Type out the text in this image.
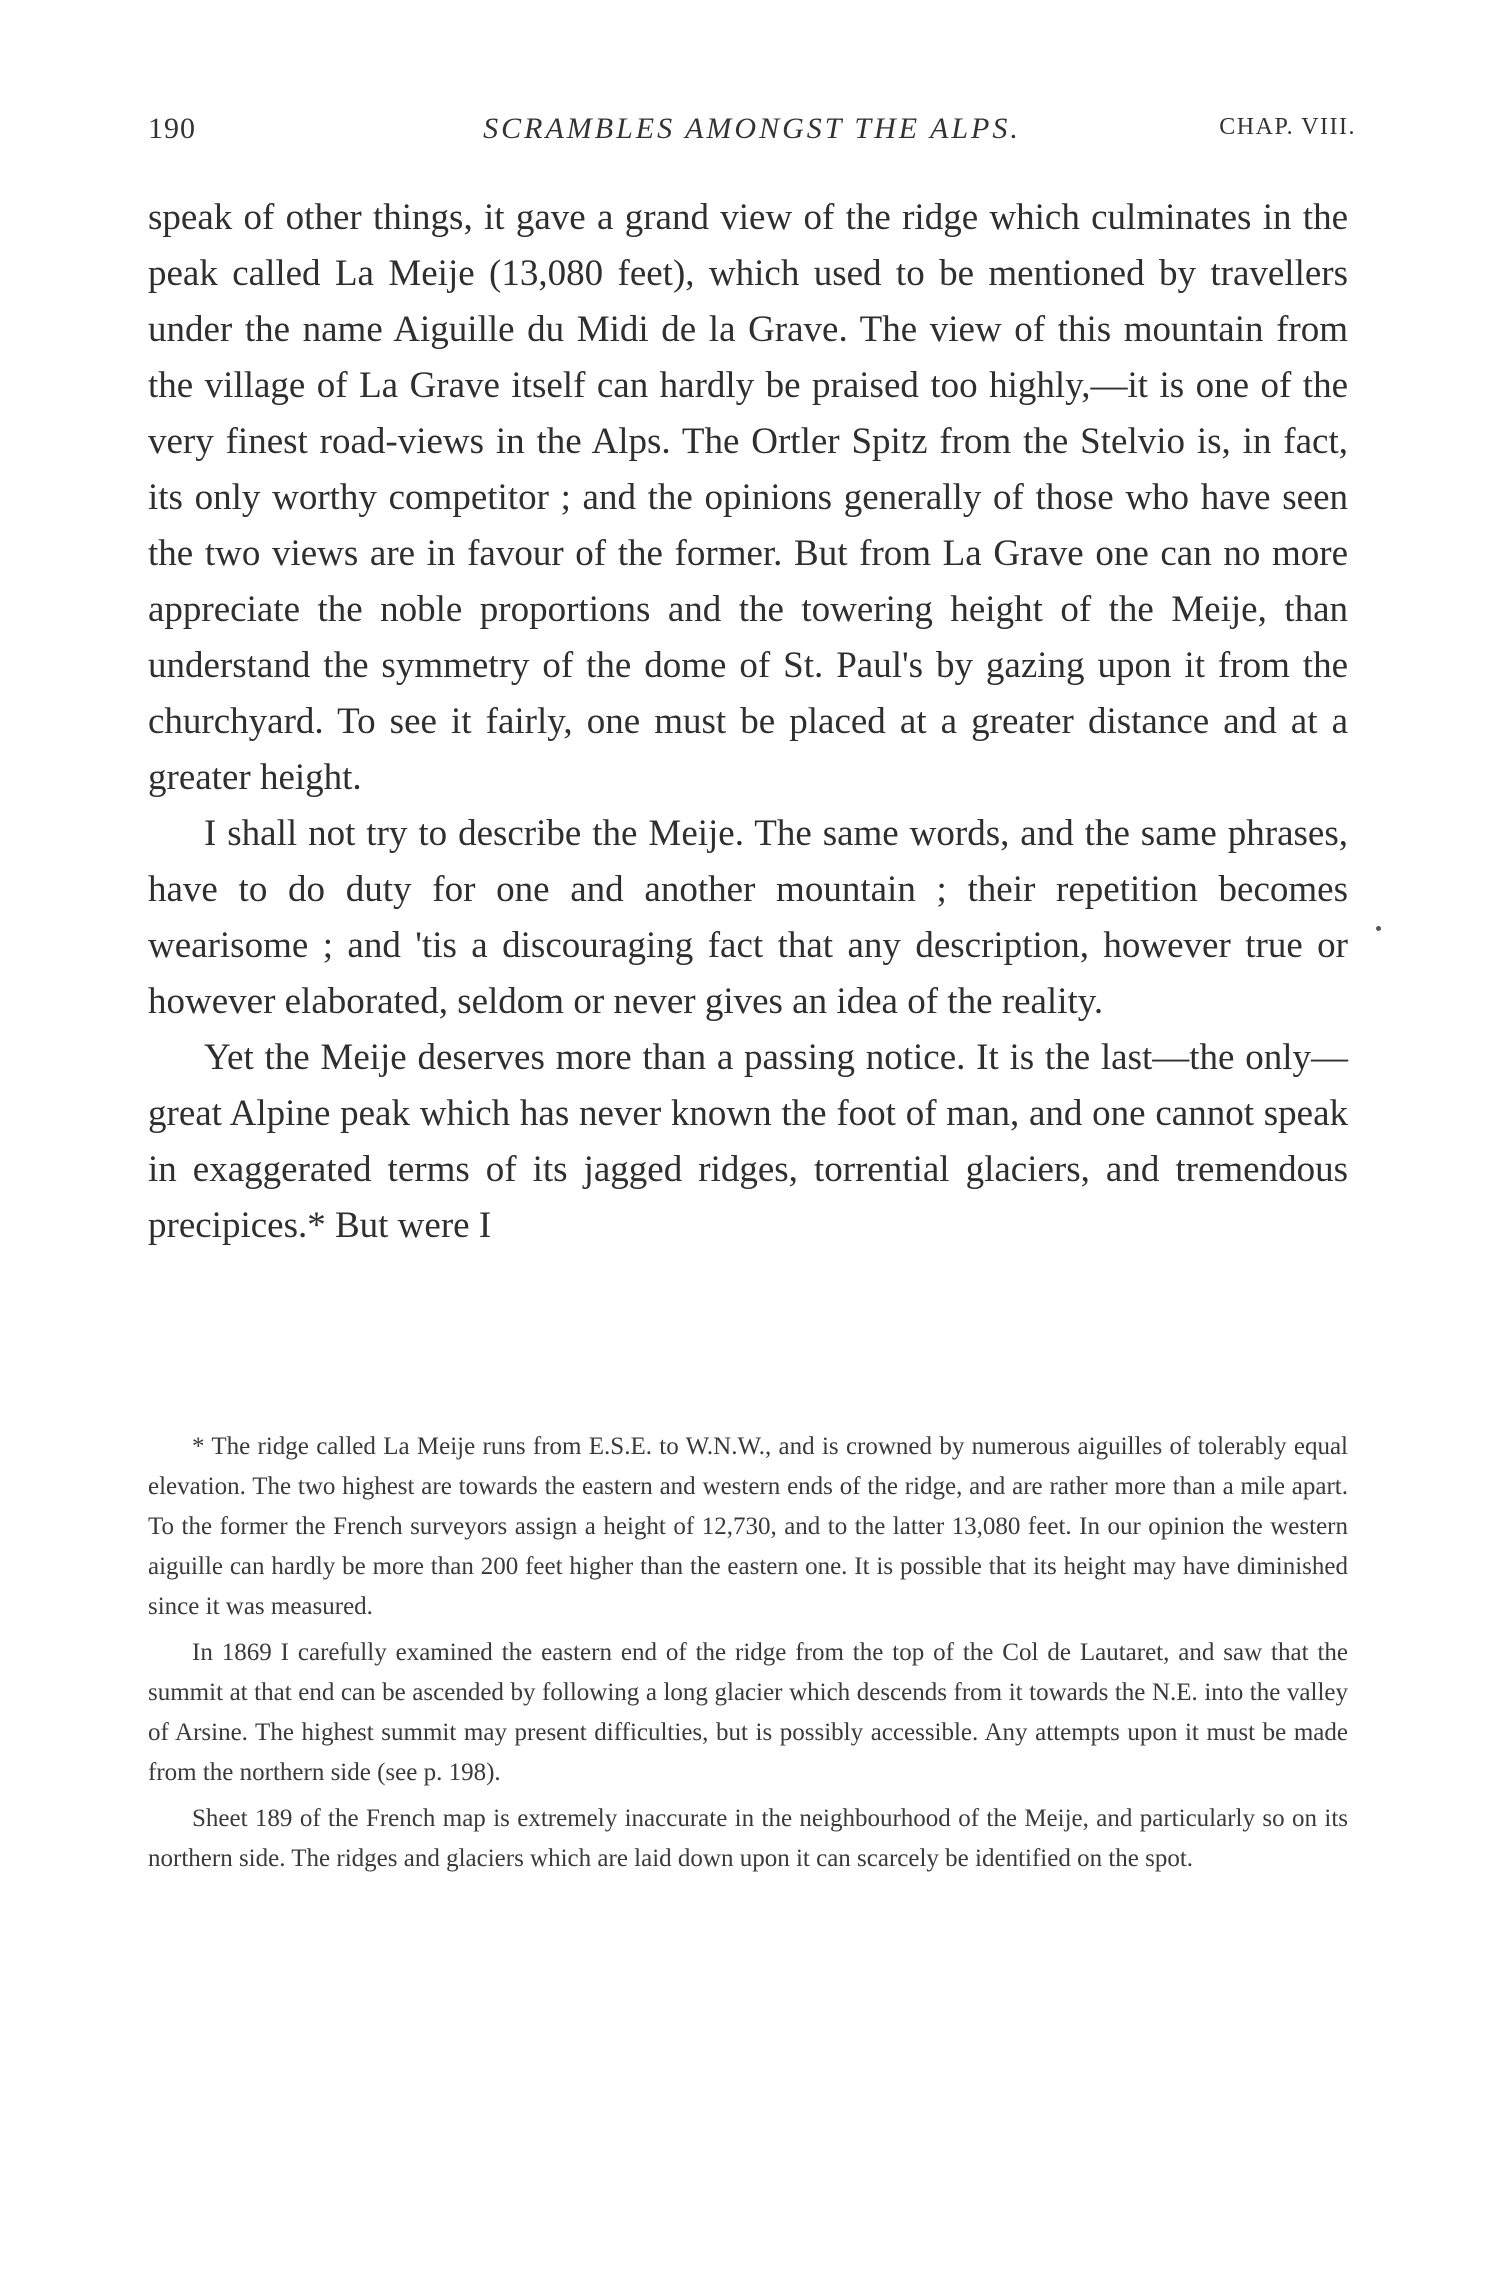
190	SCRAMBLES AMONGST THE ALPS.	CHAP. VIII.

speak of other things, it gave a grand view of the ridge which culminates in the peak called La Meije (13,080 feet), which used to be mentioned by travellers under the name Aiguille du Midi de la Grave. The view of this mountain from the village of La Grave itself can hardly be praised too highly,—it is one of the very finest road-views in the Alps. The Ortler Spitz from the Stelvio is, in fact, its only worthy competitor ; and the opinions generally of those who have seen the two views are in favour of the former. But from La Grave one can no more appreciate the noble proportions and the towering height of the Meije, than understand the symmetry of the dome of St. Paul's by gazing upon it from the churchyard. To see it fairly, one must be placed at a greater distance and at a greater height.

I shall not try to describe the Meije. The same words, and the same phrases, have to do duty for one and another mountain ; their repetition becomes wearisome ; and 'tis a discouraging fact that any description, however true or however elaborated, seldom or never gives an idea of the reality.

Yet the Meije deserves more than a passing notice. It is the last—the only—great Alpine peak which has never known the foot of man, and one cannot speak in exaggerated terms of its jagged ridges, torrential glaciers, and tremendous precipices.* But were I

* The ridge called La Meije runs from E.S.E. to W.N.W., and is crowned by numerous aiguilles of tolerably equal elevation. The two highest are towards the eastern and western ends of the ridge, and are rather more than a mile apart. To the former the French surveyors assign a height of 12,730, and to the latter 13,080 feet. In our opinion the western aiguille can hardly be more than 200 feet higher than the eastern one. It is possible that its height may have diminished since it was measured.

In 1869 I carefully examined the eastern end of the ridge from the top of the Col de Lautaret, and saw that the summit at that end can be ascended by following a long glacier which descends from it towards the N.E. into the valley of Arsine. The highest summit may present difficulties, but is possibly accessible. Any attempts upon it must be made from the northern side (see p. 198).

Sheet 189 of the French map is extremely inaccurate in the neighbourhood of the Meije, and particularly so on its northern side. The ridges and glaciers which are laid down upon it can scarcely be identified on the spot.
